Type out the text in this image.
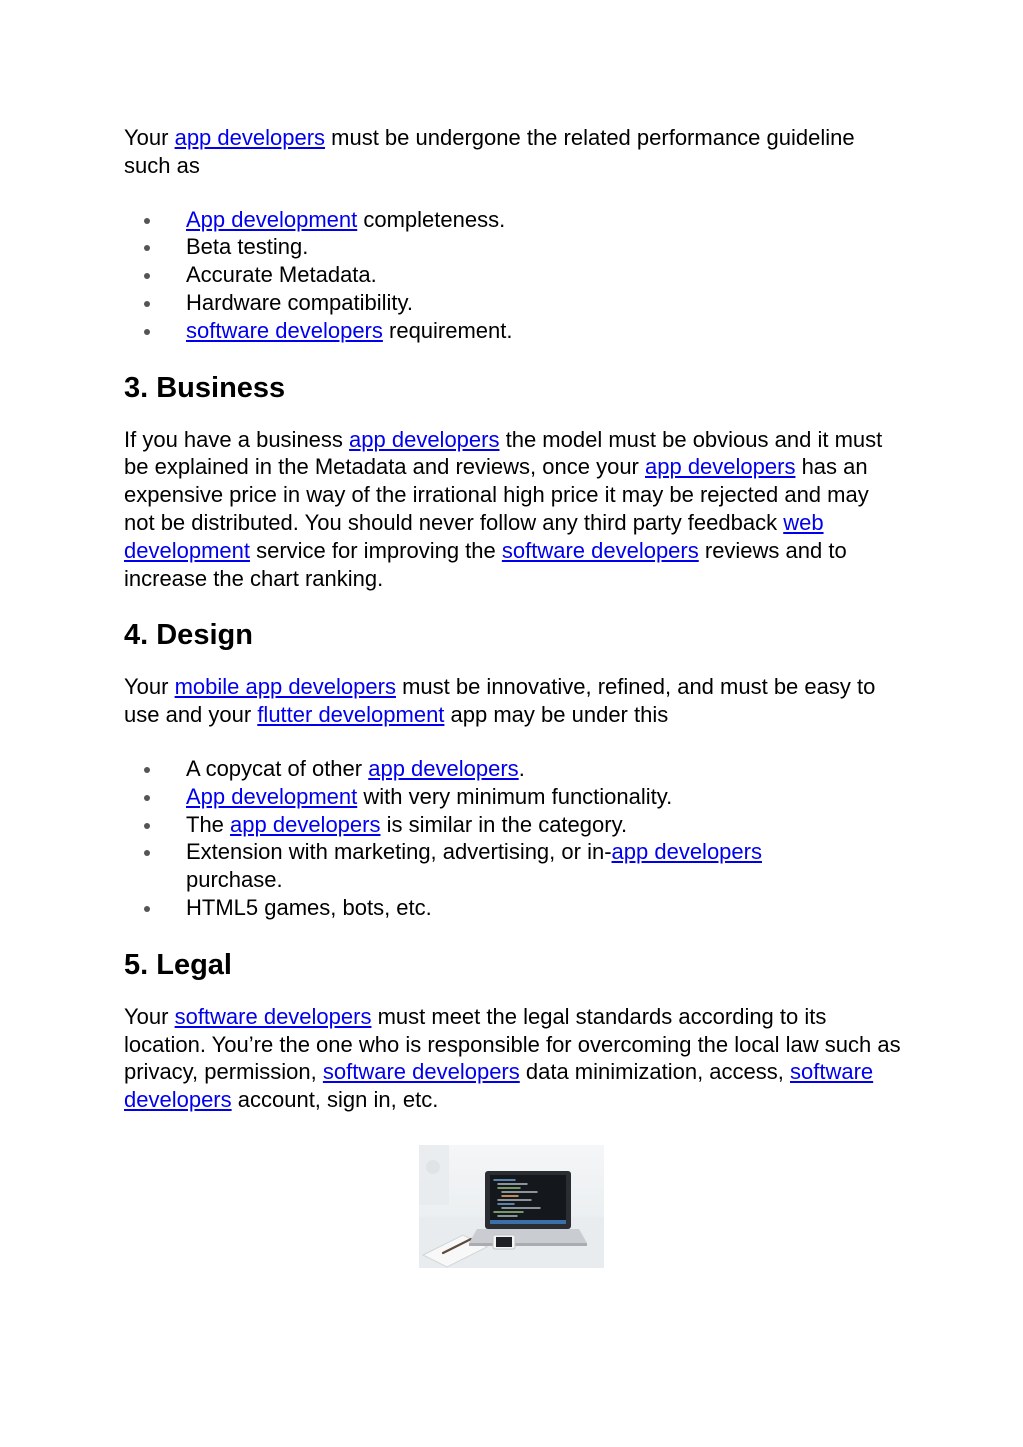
Your app developers must be undergone the related performance guideline such as

App development completeness.
Beta testing.
Accurate Metadata.
Hardware compatibility.
software developers requirement.
3. Business

If you have a business app developers the model must be obvious and it must be explained in the Metadata and reviews, once your app developers has an expensive price in way of the irrational high price it may be rejected and may not be distributed. You should never follow any third party feedback web development service for improving the software developers reviews and to increase the chart ranking.

4. Design

Your mobile app developers must be innovative, refined, and must be easy to use and your flutter development app may be under this

A copycat of other app developers.
App development with very minimum functionality.
The app developers is similar in the category.
Extension with marketing, advertising, or in-app developers purchase.
HTML5 games, bots, etc.
5. Legal

Your software developers must meet the legal standards according to its location. You’re the one who is responsible for overcoming the local law such as privacy, permission, software developers data minimization, access, software developers account, sign in, etc.
